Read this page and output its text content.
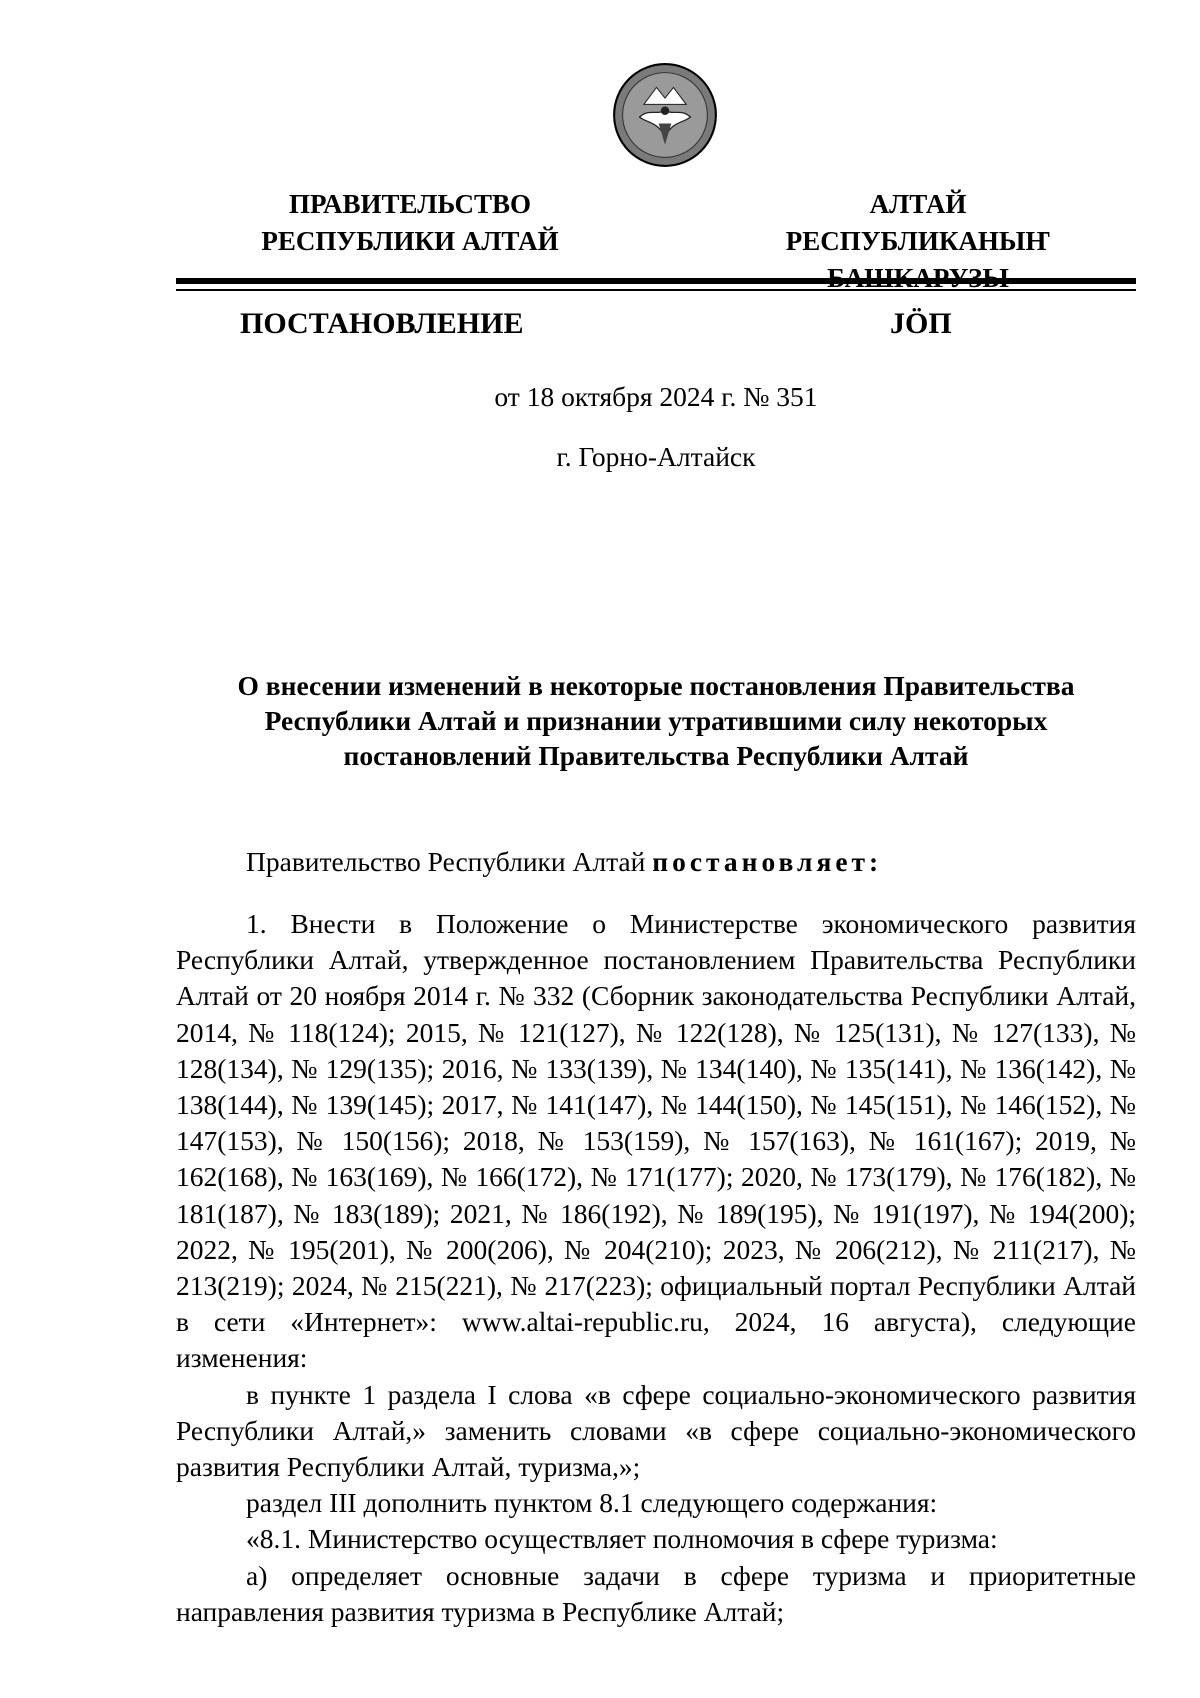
ПРАВИТЕЛЬСТВО
РЕСПУБЛИКИ АЛТАЙ
АЛТАЙ РЕСПУБЛИКАНЫҤ
ПОСТАНОВЛЕНИЕ	JÖП
от 18 октября 2024 г. № 351
г. Горно-Алтайск
О внесении изменений в некоторые постановления Правительства
Республики Алтай и признании утратившими силу некоторых
постановлений Правительства Республики Алтай
Правительство Республики Алтай постановляет:

1. Внести в Положение о Министерстве экономического развития Республики Алтай, утвержденное постановлением Правительства Республики Алтай от 20 ноября 2014 г. № 332 (Сборник законодательства Республики Алтай, 2014, № 118(124); 2015, № 121(127), № 122(128), № 125(131), № 127(133), № 128(134), № 129(135); 2016, № 133(139), № 134(140), № 135(141), № 136(142), № 138(144), № 139(145); 2017, № 141(147), № 144(150), № 145(151), № 146(152), № 147(153), № 150(156); 2018, № 153(159), № 157(163), № 161(167); 2019, № 162(168), № 163(169), № 166(172), № 171(177); 2020, № 173(179), № 176(182), № 181(187), № 183(189); 2021, № 186(192), № 189(195), № 191(197), № 194(200); 2022, № 195(201), № 200(206), № 204(210); 2023, № 206(212), № 211(217), № 213(219); 2024, № 215(221), № 217(223); официальный портал Республики Алтай в сети «Интернет»: www.altai-republic.ru, 2024, 16 августа), следующие изменения:

в пункте 1 раздела I слова «в сфере социально-экономического развития Республики Алтай,» заменить словами «в сфере социально-экономического развития Республики Алтай, туризма,»;

раздел III дополнить пунктом 8.1 следующего содержания:

«8.1. Министерство осуществляет полномочия в сфере туризма:

а) определяет основные задачи в сфере туризма и приоритетные направления развития туризма в Республике Алтай;
